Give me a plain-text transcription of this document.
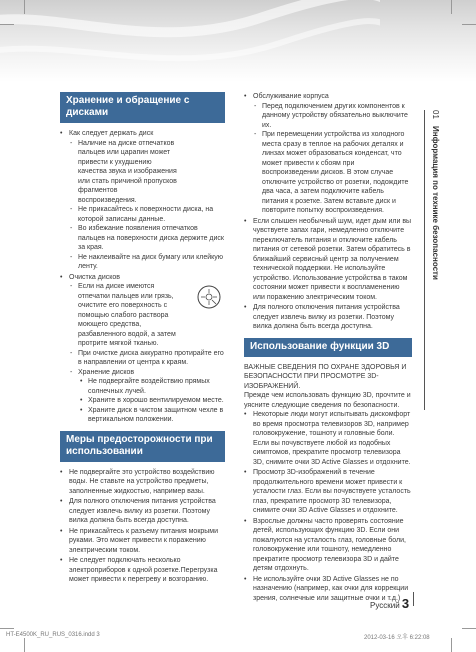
Хранение и обращение с дисками
• Как следует держать диск
- Наличие на диске отпечатков пальцев или царапин может привести к ухудшению качества звука и изображения или стать причиной пропусков фрагментов воспроизведения.
- Не прикасайтесь к поверхности диска, на которой записаны данные.
- Во избежание появления отпечатков пальцев на поверхности диска держите диск за края.
- Не наклеивайте на диск бумагу или клейкую ленту.
• Очистка дисков
- Если на диске имеются отпечатки пальцев или грязь, очистите его поверхность с помощью слабого раствора моющего средства, разбавленного водой, а затем протрите мягкой тканью.
- При очистке диска аккуратно протирайте его в направлении от центра к краям.
- Хранение дисков
• Не подвергайте воздействию прямых солнечных лучей.
• Храните в хорошо вентилируемом месте.
• Храните диск в чистом защитном чехле в вертикальном положении.
Меры предосторожности при использовании
• Не подвергайте это устройство воздействию воды. Не ставьте на устройство предметы, заполненные жидкостью, например вазы.
• Для полного отключения питания устройства следует извлечь вилку из розетки. Поэтому вилка должна быть всегда доступна.
• Не прикасайтесь к разъему питания мокрыми руками. Это может привести к поражению электрическим током.
• Не следует подключать несколько электроприборов к одной розетке.Перегрузка может привести к перегреву и возгоранию.
• Обслуживание корпуса
- Перед подключением других компонентов к данному устройству обязательно выключите их.
- При перемещении устройства из холодного места сразу в теплое на рабочих деталях и линзах может образоваться конденсат, что может привести к сбоям при воспроизведении дисков. В этом случае отключите устройство от розетки, подождите два часа, а затем подключите кабель питания к розетке. Затем вставьте диск и повторите попытку воспроизведения.
• Если слышен необычный шум, идет дым или вы чувствуете запах гари, немедленно отключите переключатель питания и отключите кабель питания от сетевой розетки. Затем обратитесь в ближайший сервисный центр за получением технической поддержки. Не используйте устройство. Использование устройства в таком состоянии может привести к воспламенению или поражению электрическим током.
• Для полного отключения питания устройства следует извлечь вилку из розетки. Поэтому вилка должна быть всегда доступна.
Использование функции 3D
ВАЖНЫЕ СВЕДЕНИЯ ПО ОХРАНЕ ЗДОРОВЬЯ И БЕЗОПАСНОСТИ ПРИ ПРОСМОТРЕ 3D-ИЗОБРАЖЕНИЙ.
Прежде чем использовать функцию 3D, прочтите и уясните следующие сведения по безопасности.
• Некоторые люди могут испытывать дискомфорт во время просмотра телевизоров 3D, например головокружение, тошноту и головные боли. Если вы почувствуете любой из подобных симптомов, прекратите просмотр телевизора 3D, снимите очки 3D Active Glasses и отдохните.
• Просмотр 3D-изображений в течение продолжительного времени может привести к усталости глаз. Если вы почувствуете усталость глаз, прекратите просмотр 3D телевизора, снимите очки 3D Active Glasses и отдохните.
• Взрослые должны часто проверять состояние детей, использующих функцию 3D. Если они пожалуются на усталость глаз, головные боли, головокружение или тошноту, немедленно прекратите просмотр телевизора 3D и дайте детям отдохнуть.
• Не используйте очки 3D Active Glasses не по назначению (например, как очки для коррекции зрения, солнечные или защитные очки и т.д.)
01
Информация по технике безопасности
Русский 3
HT-E4500K_RU_RUS_0316.indd 3	2012-03-16 오후 6:22:08
